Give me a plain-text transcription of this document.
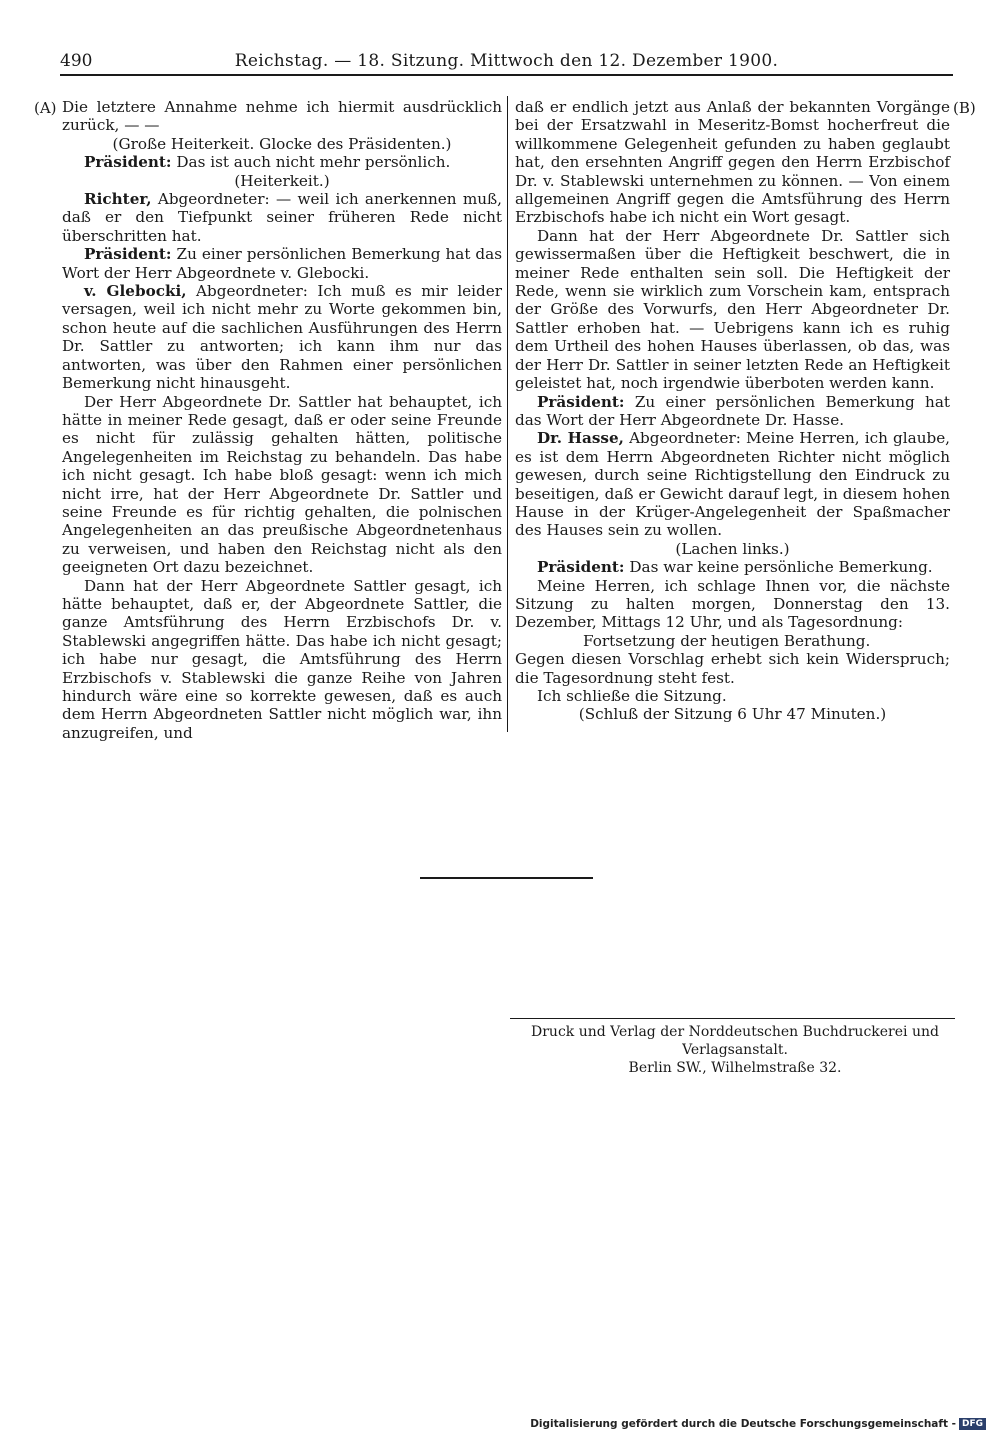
490	Reichstag. — 18. Sitzung. Mittwoch den 12. Dezember 1900.
(A)	(B)

Die letztere Annahme nehme ich hiermit ausdrücklich zurück, — —

(Große Heiterkeit. Glocke des Präsidenten.)

Präsident: Das ist auch nicht mehr persönlich.

(Heiterkeit.)

Richter, Abgeordneter: — weil ich anerkennen muß, daß er den Tiefpunkt seiner früheren Rede nicht überschritten hat.

Präsident: Zu einer persönlichen Bemerkung hat das Wort der Herr Abgeordnete v. Glebocki.

v. Glebocki, Abgeordneter: Ich muß es mir leider versagen, weil ich nicht mehr zu Worte gekommen bin, schon heute auf die sachlichen Ausführungen des Herrn Dr. Sattler zu antworten; ich kann ihm nur das antworten, was über den Rahmen einer persönlichen Bemerkung nicht hinausgeht.

Der Herr Abgeordnete Dr. Sattler hat behauptet, ich hätte in meiner Rede gesagt, daß er oder seine Freunde es nicht für zulässig gehalten hätten, politische Angelegenheiten im Reichstag zu behandeln. Das habe ich nicht gesagt. Ich habe bloß gesagt: wenn ich mich nicht irre, hat der Herr Abgeordnete Dr. Sattler und seine Freunde es für richtig gehalten, die polnischen Angelegenheiten an das preußische Abgeordnetenhaus zu verweisen, und haben den Reichstag nicht als den geeigneten Ort dazu bezeichnet.

Dann hat der Herr Abgeordnete Sattler gesagt, ich hätte behauptet, daß er, der Abgeordnete Sattler, die ganze Amtsführung des Herrn Erzbischofs Dr. v. Stablewski angegriffen hätte. Das habe ich nicht gesagt; ich habe nur gesagt, die Amtsführung des Herrn Erzbischofs v. Stablewski die ganze Reihe von Jahren hindurch wäre eine so korrekte gewesen, daß es auch dem Herrn Abgeordneten Sattler nicht möglich war, ihn anzugreifen, und

daß er endlich jetzt aus Anlaß der bekannten Vorgänge bei der Ersatzwahl in Meseritz-Bomst hocherfreut die willkommene Gelegenheit gefunden zu haben geglaubt hat, den ersehnten Angriff gegen den Herrn Erzbischof Dr. v. Stablewski unternehmen zu können. — Von einem allgemeinen Angriff gegen die Amtsführung des Herrn Erzbischofs habe ich nicht ein Wort gesagt.

Dann hat der Herr Abgeordnete Dr. Sattler sich gewissermaßen über die Heftigkeit beschwert, die in meiner Rede enthalten sein soll. Die Heftigkeit der Rede, wenn sie wirklich zum Vorschein kam, entsprach der Größe des Vorwurfs, den Herr Abgeordneter Dr. Sattler erhoben hat. — Uebrigens kann ich es ruhig dem Urtheil des hohen Hauses überlassen, ob das, was der Herr Dr. Sattler in seiner letzten Rede an Heftigkeit geleistet hat, noch irgendwie überboten werden kann.

Präsident: Zu einer persönlichen Bemerkung hat das Wort der Herr Abgeordnete Dr. Hasse.

Dr. Hasse, Abgeordneter: Meine Herren, ich glaube, es ist dem Herrn Abgeordneten Richter nicht möglich gewesen, durch seine Richtigstellung den Eindruck zu beseitigen, daß er Gewicht darauf legt, in diesem hohen Hause in der Krüger-Angelegenheit der Spaßmacher des Hauses sein zu wollen.

(Lachen links.)

Präsident: Das war keine persönliche Bemerkung.

Meine Herren, ich schlage Ihnen vor, die nächste Sitzung zu halten morgen, Donnerstag den 13. Dezember, Mittags 12 Uhr, und als Tagesordnung:

Fortsetzung der heutigen Berathung.

Gegen diesen Vorschlag erhebt sich kein Widerspruch; die Tagesordnung steht fest.

Ich schließe die Sitzung.

(Schluß der Sitzung 6 Uhr 47 Minuten.)

Druck und Verlag der Norddeutschen Buchdruckerei und Verlagsanstalt.
Berlin SW., Wilhelmstraße 32.
Digitalisierung gefördert durch die Deutsche Forschungsgemeinschaft - DFG
